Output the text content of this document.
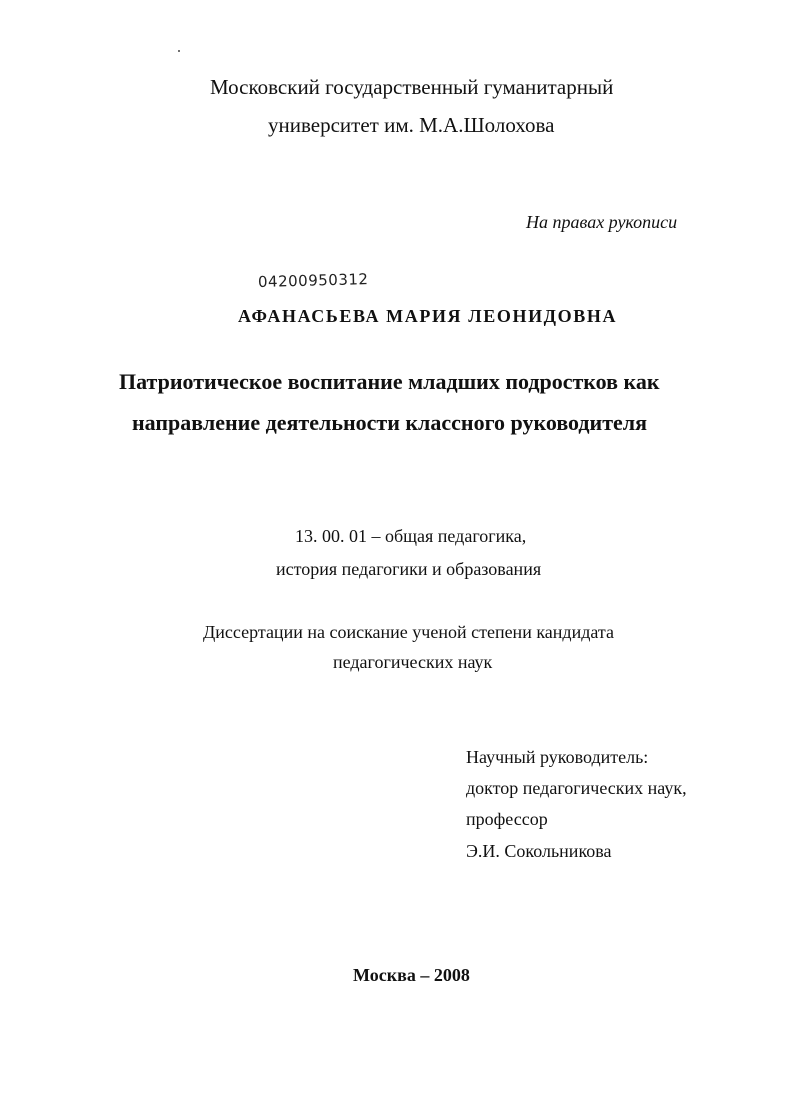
Московский государственный гуманитарный
университет им. М.А.Шолохова
На правах рукописи
04200950312
АФАНАСЬЕВА МАРИЯ ЛЕОНИДОВНА
Патриотическое воспитание младших подростков как
направление деятельности классного руководителя
13. 00. 01 – общая педагогика,
история педагогики и образования
Диссертации на соискание ученой степени кандидата
педагогических наук
Научный руководитель:
доктор педагогических наук,
профессор
Э.И. Сокольникова
Москва – 2008
